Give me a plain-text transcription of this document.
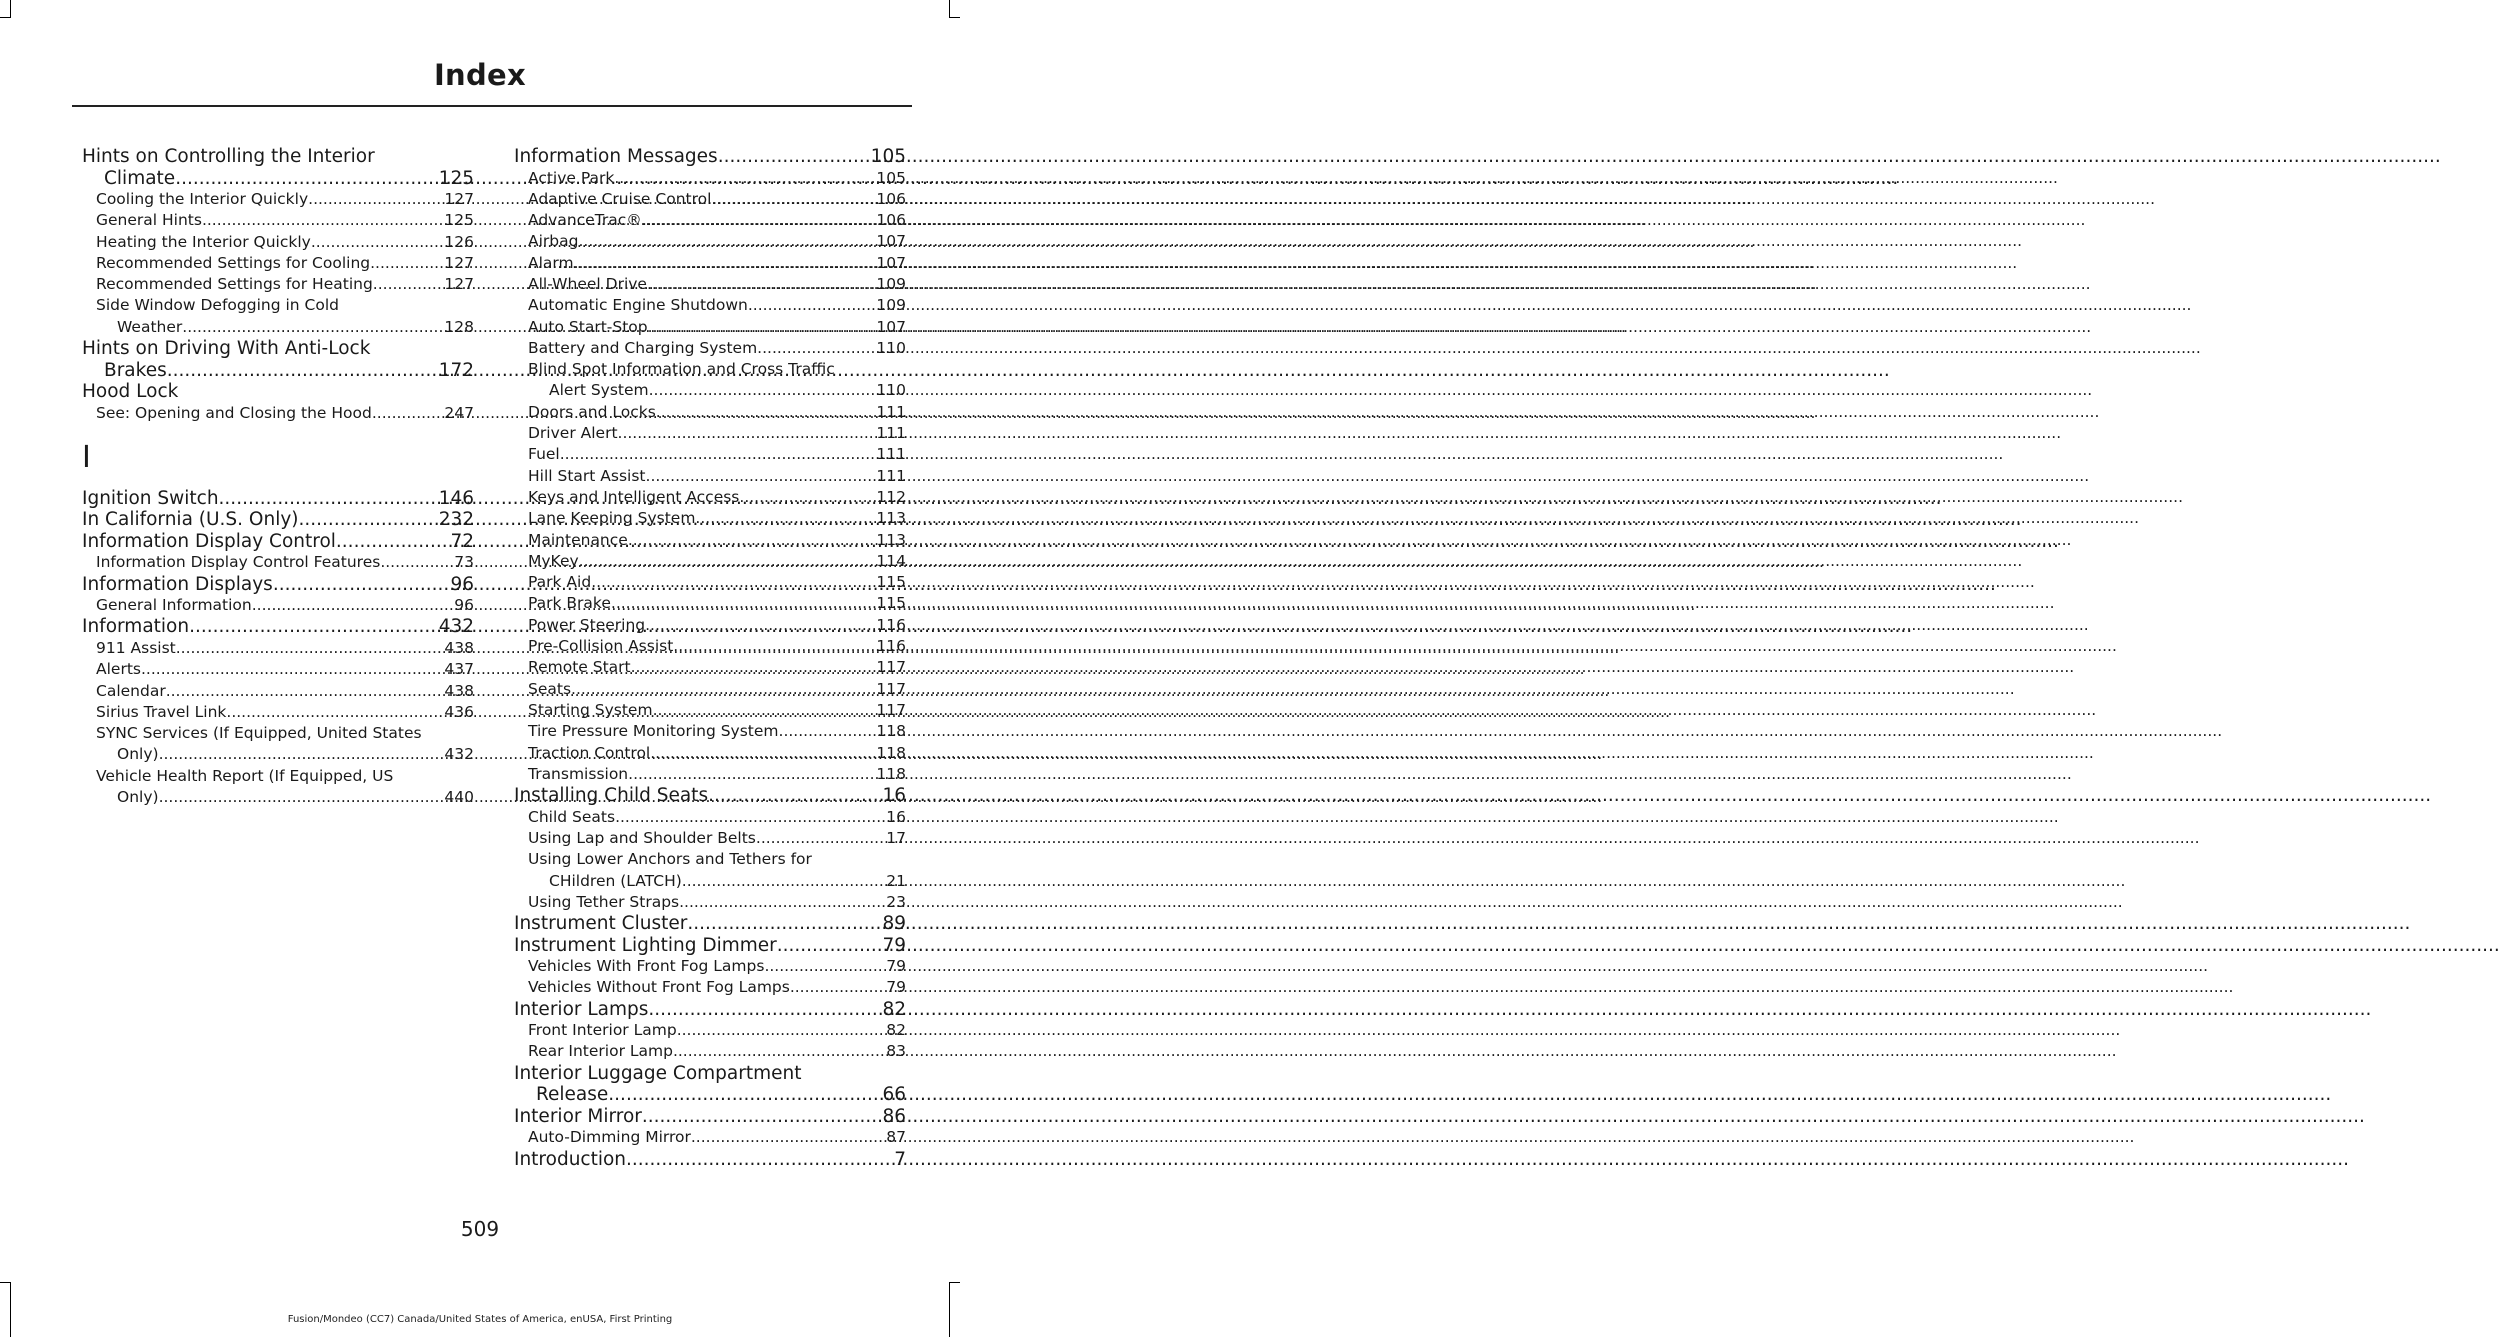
Index
Hints on Controlling the Interior
Climate .....	125
Cooling the Interior Quickly .....	127
General Hints .....	125
Heating the Interior Quickly .....	126
Recommended Settings for Cooling .....	127
Recommended Settings for Heating .....	127
Side Window Defogging in Cold
Weather .....	128
Hints on Driving With Anti-Lock
Brakes .....	172
Hood Lock
See: Opening and Closing the Hood .....	247
I
Ignition Switch .....	146
In California (U.S. Only) .....	232
Information Display Control .....	72
Information Display Control Features .....	73
Information Displays .....	96
General Information .....	96
Information .....	432
911 Assist .....	438
Alerts .....	437
Calendar .....	438
Sirius Travel Link .....	436
SYNC Services (If Equipped, United States
Only) .....	432
Vehicle Health Report (If Equipped, US
Only) .....	440
Information Messages .....	105
Active Park .....	105
Adaptive Cruise Control .....	106
AdvanceTrac® .....	106
Airbag .....	107
Alarm .....	107
All-Wheel Drive .....	109
Automatic Engine Shutdown .....	109
Auto Start-Stop .....	107
Battery and Charging System .....	110
Blind Spot Information and Cross Traffic
Alert System .....	110
Doors and Locks .....	111
Driver Alert .....	111
Fuel .....	111
Hill Start Assist .....	111
Keys and Intelligent Access .....	112
Lane Keeping System .....	113
Maintenance .....	113
MyKey .....	114
Park Aid .....	115
Park Brake .....	115
Power Steering .....	116
Pre-Collision Assist .....	116
Remote Start .....	117
Seats .....	117
Starting System .....	117
Tire Pressure Monitoring System .....	118
Traction Control .....	118
Transmission .....	118
Installing Child Seats .....	16
Child Seats .....	16
Using Lap and Shoulder Belts .....	17
Using Lower Anchors and Tethers for
CHildren (LATCH) .....	21
Using Tether Straps .....	23
Instrument Cluster .....	89
Instrument Lighting Dimmer .....	79
Vehicles With Front Fog Lamps .....	79
Vehicles Without Front Fog Lamps .....	79
Interior Lamps .....	82
Front Interior Lamp .....	82
Rear Interior Lamp .....	83
Interior Luggage Compartment
Release .....	66
Interior Mirror .....	86
Auto-Dimming Mirror .....	87
Introduction .....	7
509
Fusion/Mondeo (CC7) Canada/United States of America, enUSA, First Printing
